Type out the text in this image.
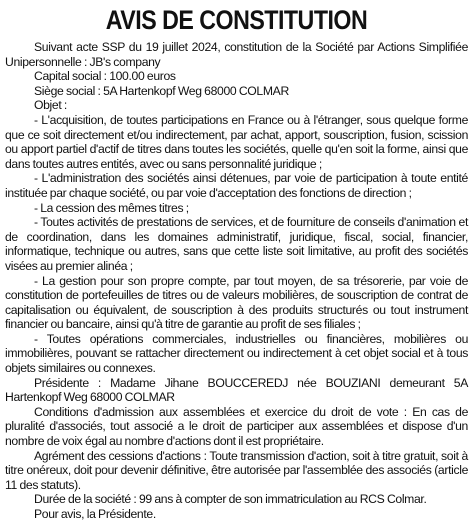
AVIS DE CONSTITUTION

Suivant acte SSP du 19 juillet 2024, constitution de la Société par Actions Simplifiée Unipersonnelle : JB's company

Capital social : 100.00 euros

Siège social : 5A Hartenkopf Weg 68000 COLMAR

Objet :

- L'acquisition, de toutes participations en France ou à l'étranger, sous quelque forme que ce soit directement et/ou indirectement, par achat, apport, souscription, fusion, scission ou apport partiel d'actif de titres dans toutes les sociétés, quelle qu'en soit la forme, ainsi que dans toutes autres entités, avec ou sans personnalité juridique ;

- L'administration des sociétés ainsi détenues, par voie de participation à toute entité instituée par chaque société, ou par voie d'acceptation des fonctions de direction ;

- La cession des mêmes titres ;

- Toutes activités de prestations de services, et de fourniture de conseils d'animation et de coordination, dans les domaines administratif, juridique, fiscal, social, financier, informatique, technique ou autres, sans que cette liste soit limitative, au profit des sociétés visées au premier alinéa ;

- La gestion pour son propre compte, par tout moyen, de sa trésorerie, par voie de constitution de portefeuilles de titres ou de valeurs mobilières, de souscription de contrat de capitalisation ou équivalent, de souscription à des produits structurés ou tout instrument financier ou bancaire, ainsi qu'à titre de garantie au profit de ses filiales ;

- Toutes opérations commerciales, industrielles ou financières, mobilières ou immobilières, pouvant se rattacher directement ou indirectement à cet objet social et à tous objets similaires ou connexes.

Présidente : Madame Jihane BOUCCEREDJ née BOUZIANI demeurant 5A Hartenkopf Weg 68000 COLMAR

Conditions d'admission aux assemblées et exercice du droit de vote : En cas de pluralité d'associés, tout associé a le droit de participer aux assemblées et dispose d'un nombre de voix égal au nombre d'actions dont il est propriétaire.

Agrément des cessions d'actions : Toute transmission d'action, soit à titre gratuit, soit à titre onéreux, doit pour devenir définitive, être autorisée par l'assemblée des associés (article 11 des statuts).

Durée de la société : 99 ans à compter de son immatriculation au RCS Colmar.

Pour avis, la Présidente.
